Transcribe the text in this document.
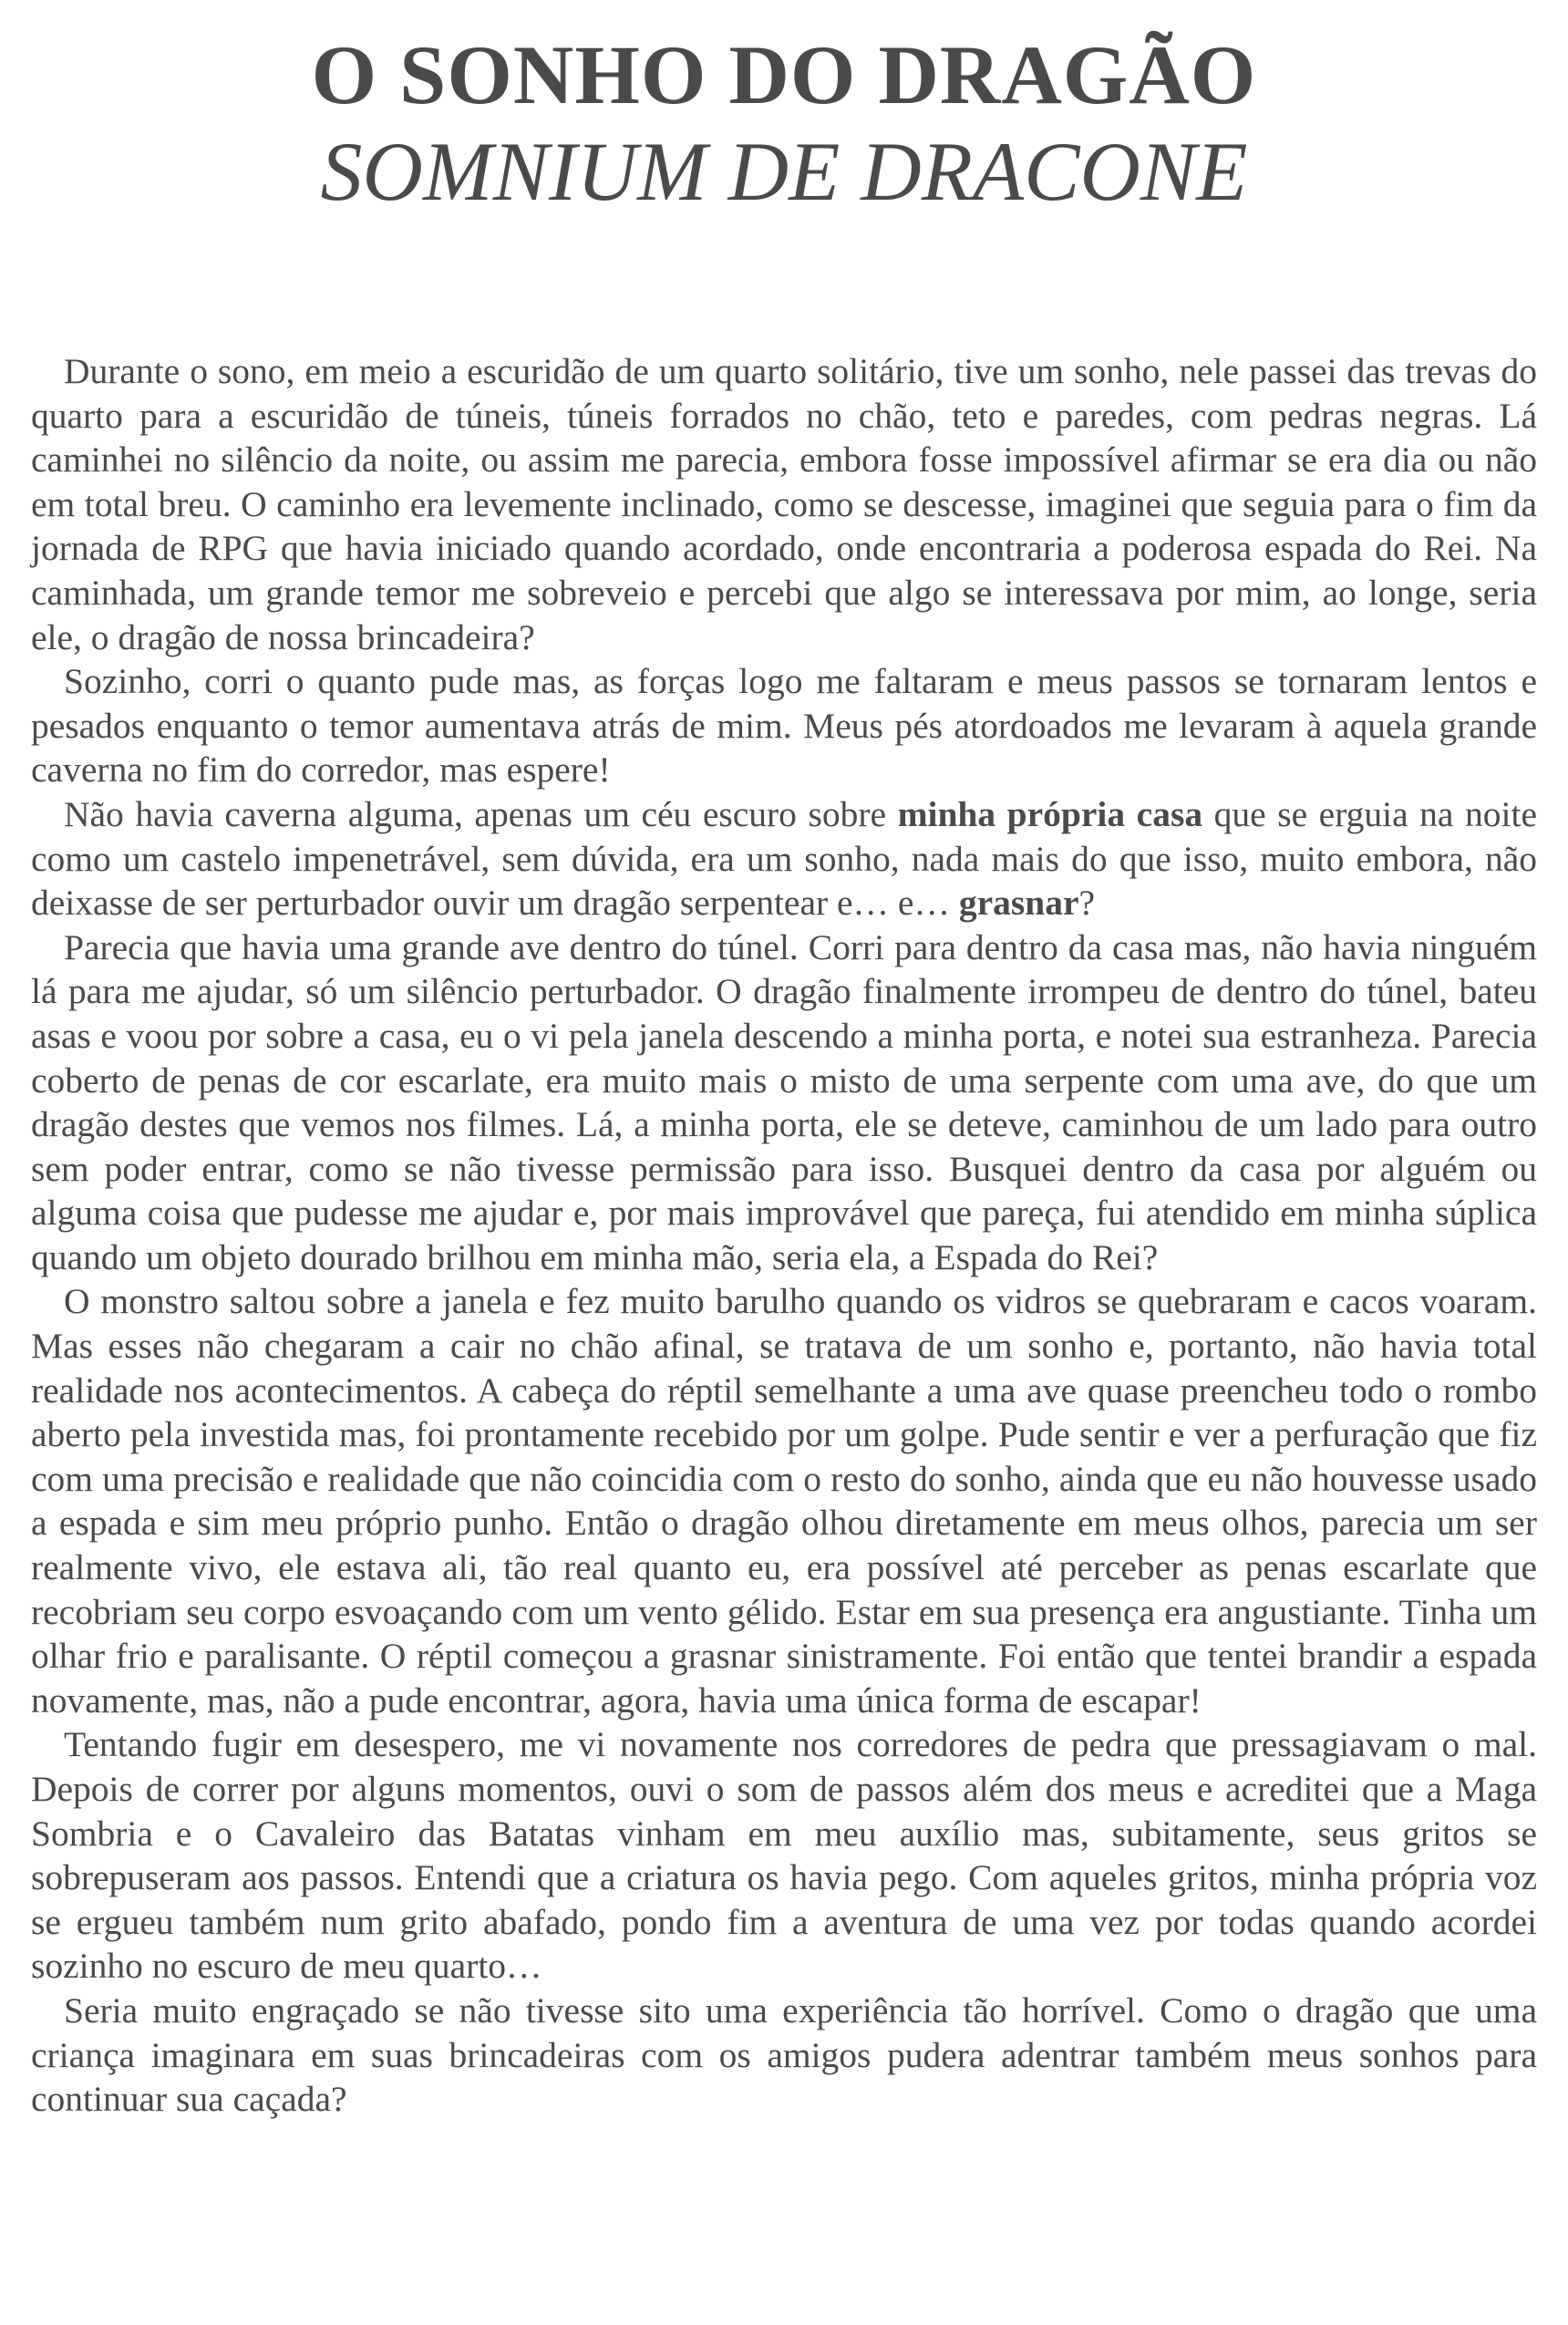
O SONHO DO DRAGÃO
SOMNIUM DE DRACONE

Durante o sono, em meio a escuridão de um quarto solitário, tive um sonho, nele passei das trevas do quarto para a escuridão de túneis, túneis forrados no chão, teto e paredes, com pedras negras. Lá caminhei no silêncio da noite, ou assim me parecia, embora fosse impossível afirmar se era dia ou não em total breu. O caminho era levemente inclinado, como se descesse, imaginei que seguia para o fim da jornada de RPG que havia iniciado quando acordado, onde encontraria a poderosa espada do Rei. Na caminhada, um grande temor me sobreveio e percebi que algo se interessava por mim, ao longe, seria ele, o dragão de nossa brincadeira?

Sozinho, corri o quanto pude mas, as forças logo me faltaram e meus passos se tornaram lentos e pesados enquanto o temor aumentava atrás de mim. Meus pés atordoados me levaram à aquela grande caverna no fim do corredor, mas espere!

Não havia caverna alguma, apenas um céu escuro sobre minha própria casa que se erguia na noite como um castelo impenetrável, sem dúvida, era um sonho, nada mais do que isso, muito embora, não deixasse de ser perturbador ouvir um dragão serpentear e… e… grasnar?

Parecia que havia uma grande ave dentro do túnel. Corri para dentro da casa mas, não havia ninguém lá para me ajudar, só um silêncio perturbador. O dragão finalmente irrompeu de dentro do túnel, bateu asas e voou por sobre a casa, eu o vi pela janela descendo a minha porta, e notei sua estranheza. Parecia coberto de penas de cor escarlate, era muito mais o misto de uma serpente com uma ave, do que um dragão destes que vemos nos filmes. Lá, a minha porta, ele se deteve, caminhou de um lado para outro sem poder entrar, como se não tivesse permissão para isso. Busquei dentro da casa por alguém ou alguma coisa que pudesse me ajudar e, por mais improvável que pareça, fui atendido em minha súplica quando um objeto dourado brilhou em minha mão, seria ela, a Espada do Rei?

O monstro saltou sobre a janela e fez muito barulho quando os vidros se quebraram e cacos voaram. Mas esses não chegaram a cair no chão afinal, se tratava de um sonho e, portanto, não havia total realidade nos acontecimentos. A cabeça do réptil semelhante a uma ave quase preencheu todo o rombo aberto pela investida mas, foi prontamente recebido por um golpe. Pude sentir e ver a perfuração que fiz com uma precisão e realidade que não coincidia com o resto do sonho, ainda que eu não houvesse usado a espada e sim meu próprio punho. Então o dragão olhou diretamente em meus olhos, parecia um ser realmente vivo, ele estava ali, tão real quanto eu, era possível até perceber as penas escarlate que recobriam seu corpo esvoaçando com um vento gélido. Estar em sua presença era angustiante. Tinha um olhar frio e paralisante. O réptil começou a grasnar sinistramente. Foi então que tentei brandir a espada novamente, mas, não a pude encontrar, agora, havia uma única forma de escapar!

Tentando fugir em desespero, me vi novamente nos corredores de pedra que pressagiavam o mal. Depois de correr por alguns momentos, ouvi o som de passos além dos meus e acreditei que a Maga Sombria e o Cavaleiro das Batatas vinham em meu auxílio mas, subitamente, seus gritos se sobrepuseram aos passos. Entendi que a criatura os havia pego. Com aqueles gritos, minha própria voz se ergueu também num grito abafado, pondo fim a aventura de uma vez por todas quando acordei sozinho no escuro de meu quarto…

Seria muito engraçado se não tivesse sito uma experiência tão horrível. Como o dragão que uma criança imaginara em suas brincadeiras com os amigos pudera adentrar também meus sonhos para continuar sua caçada?
